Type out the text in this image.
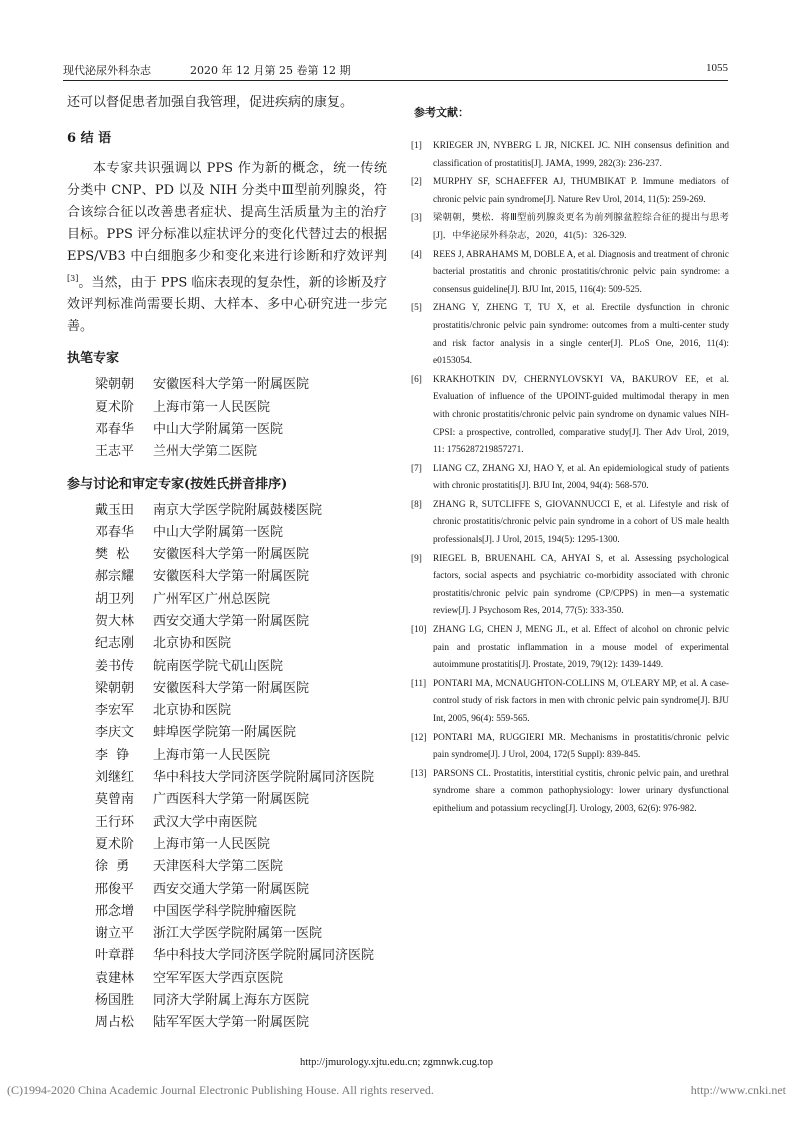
现代泌尿外科杂志	2020 年 12 月第 25 卷第 12 期	1055

还可以督促患者加强自我管理，促进疾病的康复。

6 结 语

本专家共识强调以 PPS 作为新的概念，统一传统分类中 CNP、PD 以及 NIH 分类中Ⅲ型前列腺炎，符合该综合征以改善患者症状、提高生活质量为主的治疗目标。PPS 评分标准以症状评分的变化代替过去的根据 EPS/VB3 中白细胞多少和变化来进行诊断和疗效评判[3]。当然，由于 PPS 临床表现的复杂性，新的诊断及疗效评判标准尚需要长期、大样本、多中心研究进一步完善。

执笔专家
梁朝朝	安徽医科大学第一附属医院
夏术阶	上海市第一人民医院
邓春华	中山大学附属第一医院
王志平	兰州大学第二医院
参与讨论和审定专家(按姓氏拼音排序)
戴玉田	南京大学医学院附属鼓楼医院
邓春华	中山大学附属第一医院
樊  松	安徽医科大学第一附属医院
郝宗耀	安徽医科大学第一附属医院
胡卫列	广州军区广州总医院
贺大林	西安交通大学第一附属医院
纪志刚	北京协和医院
姜书传	皖南医学院弋矶山医院
梁朝朝	安徽医科大学第一附属医院
李宏军	北京协和医院
李庆文	蚌埠医学院第一附属医院
李  铮	上海市第一人民医院
刘继红	华中科技大学同济医学院附属同济医院
莫曾南	广西医科大学第一附属医院
王行环	武汉大学中南医院
夏术阶	上海市第一人民医院
徐  勇	天津医科大学第二医院
邢俊平	西安交通大学第一附属医院
邢念增	中国医学科学院肿瘤医院
谢立平	浙江大学医学院附属第一医院
叶章群	华中科技大学同济医学院附属同济医院
袁建林	空军军医大学西京医院
杨国胜	同济大学附属上海东方医院
周占松	陆军军医大学第一附属医院
参考文献：
[1]	KRIEGER JN, NYBERG L JR, NICKEL JC. NIH consensus definition and classification of prostatitis[J]. JAMA, 1999, 282(3): 236-237.
[2]	MURPHY SF, SCHAEFFER AJ, THUMBIKAT P. Immune mediators of chronic pelvic pain syndrome[J]. Nature Rev Urol, 2014, 11(5): 259-269.
[3]	梁朝朝，樊松．将Ⅲ型前列腺炎更名为前列腺盆腔综合征的提出与思考[J]．中华泌尿外科杂志，2020，41(5)：326-329.
[4]	REES J, ABRAHAMS M, DOBLE A, et al. Diagnosis and treatment of chronic bacterial prostatitis and chronic prostatitis/chronic pelvic pain syndrome: a consensus guideline[J]. BJU Int, 2015, 116(4): 509-525.
[5]	ZHANG Y, ZHENG T, TU X, et al. Erectile dysfunction in chronic prostatitis/chronic pelvic pain syndrome: outcomes from a multi-center study and risk factor analysis in a single center[J]. PLoS One, 2016, 11(4): e0153054.
[6]	KRAKHOTKIN DV, CHERNYLOVSKYI VA, BAKUROV EE, et al. Evaluation of influence of the UPOINT-guided multimodal therapy in men with chronic prostatitis/chronic pelvic pain syndrome on dynamic values NIH-CPSI: a prospective, controlled, comparative study[J]. Ther Adv Urol, 2019, 11: 1756287219857271.
[7]	LIANG CZ, ZHANG XJ, HAO Y, et al. An epidemiological study of patients with chronic prostatitis[J]. BJU Int, 2004, 94(4): 568-570.
[8]	ZHANG R, SUTCLIFFE S, GIOVANNUCCI E, et al. Lifestyle and risk of chronic prostatitis/chronic pelvic pain syndrome in a cohort of US male health professionals[J]. J Urol, 2015, 194(5): 1295-1300.
[9]	RIEGEL B, BRUENAHL CA, AHYAI S, et al. Assessing psychological factors, social aspects and psychiatric co-morbidity associated with chronic prostatitis/chronic pelvic pain syndrome (CP/CPPS) in men—a systematic review[J]. J Psychosom Res, 2014, 77(5): 333-350.
[10] ZHANG LG, CHEN J, MENG JL, et al. Effect of alcohol on chronic pelvic pain and prostatic inflammation in a mouse model of experimental autoimmune prostatitis[J]. Prostate, 2019, 79(12): 1439-1449.
[11] PONTARI MA, MCNAUGHTON-COLLINS M, O'LEARY MP, et al. A case-control study of risk factors in men with chronic pelvic pain syndrome[J]. BJU Int, 2005, 96(4): 559-565.
[12] PONTARI MA, RUGGIERI MR. Mechanisms in prostatitis/chronic pelvic pain syndrome[J]. J Urol, 2004, 172(5 Suppl): 839-845.
[13] PARSONS CL. Prostatitis, interstitial cystitis, chronic pelvic pain, and urethral syndrome share a common pathophysiology: lower urinary dysfunctional epithelium and potassium recycling[J]. Urology, 2003, 62(6): 976-982.
http://jmurology.xjtu.edu.cn; zgmnwk.cug.top
(C)1994-2020 China Academic Journal Electronic Publishing House. All rights reserved.	http://www.cnki.net
